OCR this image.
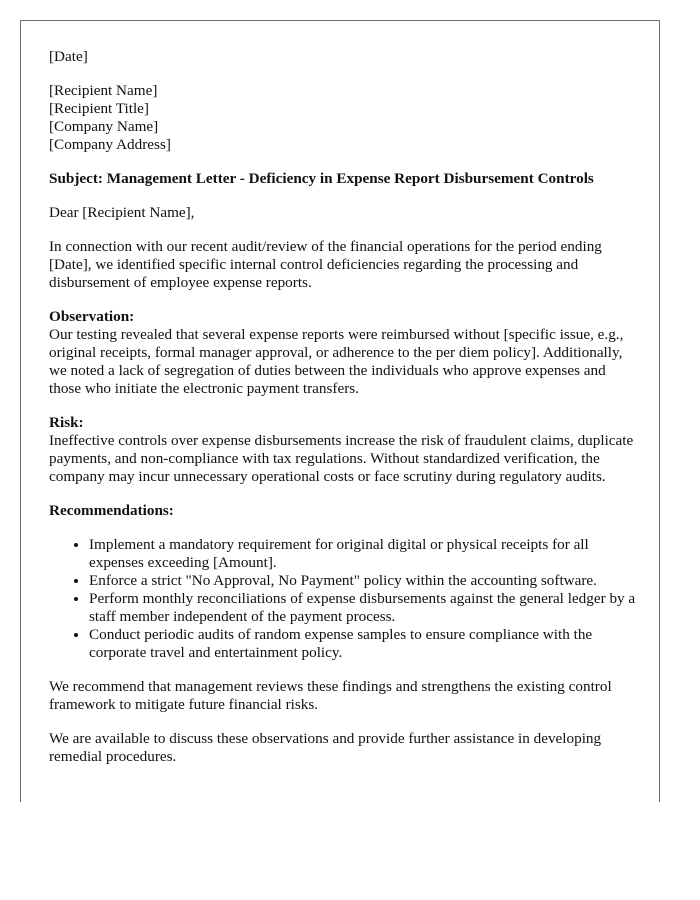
[Date]
[Recipient Name]
[Recipient Title]
[Company Name]
[Company Address]

Subject: Management Letter - Deficiency in Expense Report Disbursement Controls

Dear [Recipient Name],

In connection with our recent audit/review of the financial operations for the period ending [Date], we identified specific internal control deficiencies regarding the processing and disbursement of employee expense reports.

Observation:
Our testing revealed that several expense reports were reimbursed without [specific issue, e.g., original receipts, formal manager approval, or adherence to the per diem policy]. Additionally, we noted a lack of segregation of duties between the individuals who approve expenses and those who initiate the electronic payment transfers.
Risk:
Ineffective controls over expense disbursements increase the risk of fraudulent claims, duplicate payments, and non-compliance with tax regulations. Without standardized verification, the company may incur unnecessary operational costs or face scrutiny during regulatory audits.

Recommendations:

• Implement a mandatory requirement for original digital or physical receipts for all expenses exceeding [Amount].
• Enforce a strict "No Approval, No Payment" policy within the accounting software.
• Perform monthly reconciliations of expense disbursements against the general ledger by a staff member independent of the payment process.
• Conduct periodic audits of random expense samples to ensure compliance with the corporate travel and entertainment policy.

We recommend that management reviews these findings and strengthens the existing control framework to mitigate future financial risks.

We are available to discuss these observations and provide further assistance in developing remedial procedures.
